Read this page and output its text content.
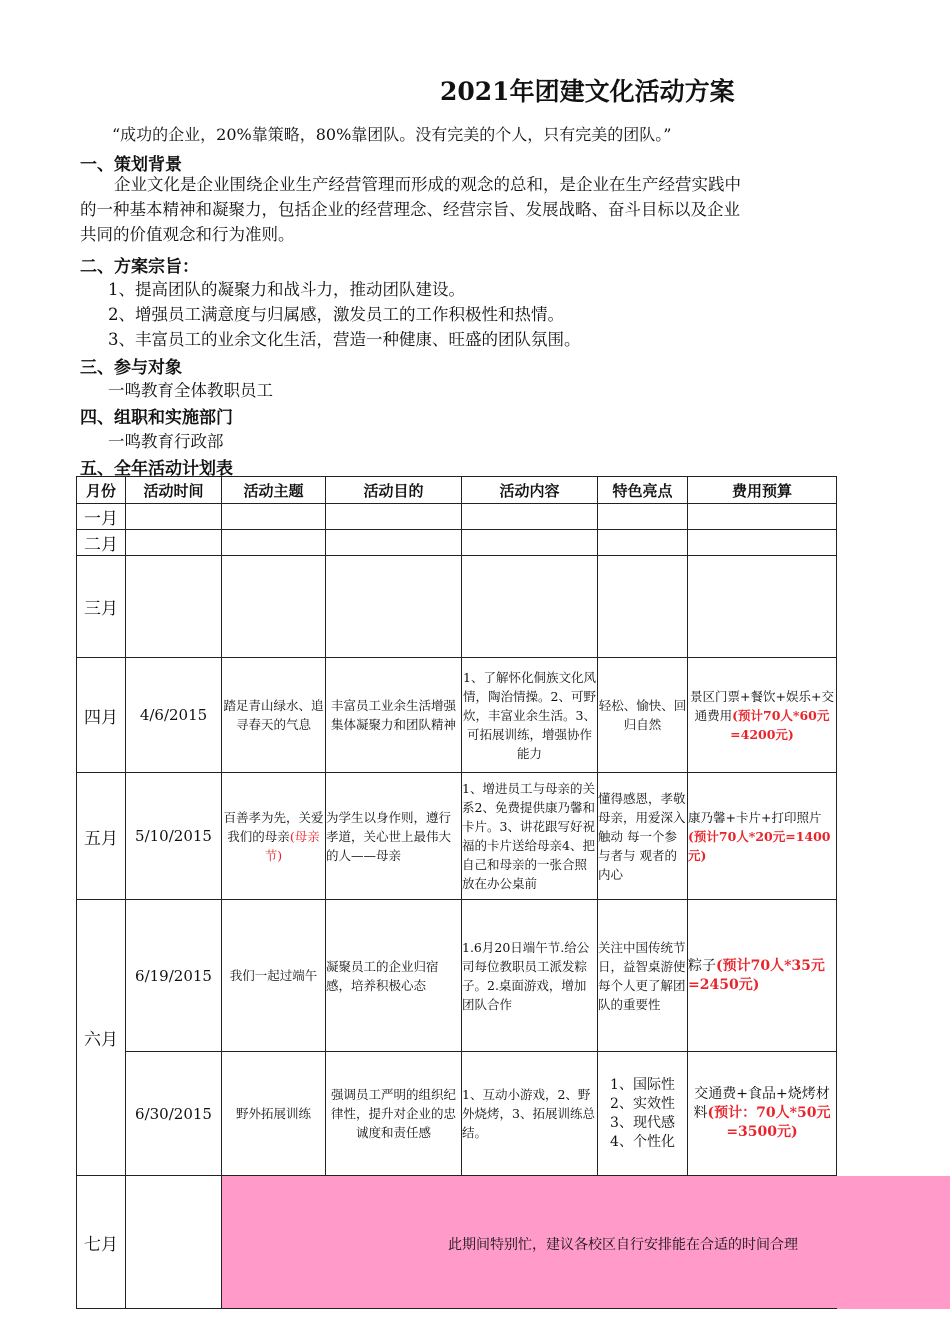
2021年团建文化活动方案
“成功的企业，20%靠策略，80%靠团队。没有完美的个人，只有完美的团队。”
一、策划背景
企业文化是企业围绕企业生产经营管理而形成的观念的总和，是企业在生产经营实践中
的一种基本精神和凝聚力，包括企业的经营理念、经营宗旨、发展战略、奋斗目标以及企业
共同的价值观念和行为准则。
二、方案宗旨：
1、提高团队的凝聚力和战斗力，推动团队建设。
2、增强员工满意度与归属感，激发员工的工作积极性和热情。
3、丰富员工的业余文化生活，营造一种健康、旺盛的团队氛围。
三、参与对象
一鸣教育全体教职员工
四、组职和实施部门
一鸣教育行政部
五、全年活动计划表
月份	活动时间	活动主题	活动目的	活动内容	特色亮点	费用预算
一月						
二月						
三月						
四月	4/6/2015	踏足青山绿水、追寻春天的气息	丰富员工业余生活增强集体凝聚力和团队精神	1、了解怀化侗族文化风情，陶治情操。2、可野炊，丰富业余生活。3、可拓展训练，增强协作能力	轻松、愉快、回归自然	景区门票+餐饮+娱乐+交通费用(预计70人*60元=4200元)
五月	5/10/2015	百善孝为先，关爱我们的母亲(母亲节)	为学生以身作则，遵行孝道，关心世上最伟大的人——母亲	1、增进员工与母亲的关系2、免费提供康乃馨和卡片。3、讲花跟写好祝福的卡片送给母亲4、把自己和母亲的一张合照放在办公桌前	懂得感恩，孝敬母亲，用爱深入触动 每一个参与者与 观者的内心	康乃馨+卡片+打印照片(预计70人*20元=1400元)
六月	6/19/2015	我们一起过端午	凝聚员工的企业归宿感，培养积极心态	1.6月20日端午节.给公司每位教职员工派发粽子。2.桌面游戏，增加团队合作	关注中国传统节日，益智桌游使每个人更了解团队的重要性	粽子(预计70人*35元=2450元)
	6/30/2015	野外拓展训练	强调员工严明的组织纪律性，提升对企业的忠诚度和责任感	1、互动小游戏，2、野外烧烤，3、拓展训练总结。	1、国际性
2、实效性
3、现代感
4、个性化	交通费+食品+烧烤材料(预计：70人*50元=3500元)
七月							此期间特别忙，建议各校区自行安排能在合适的时间合理
